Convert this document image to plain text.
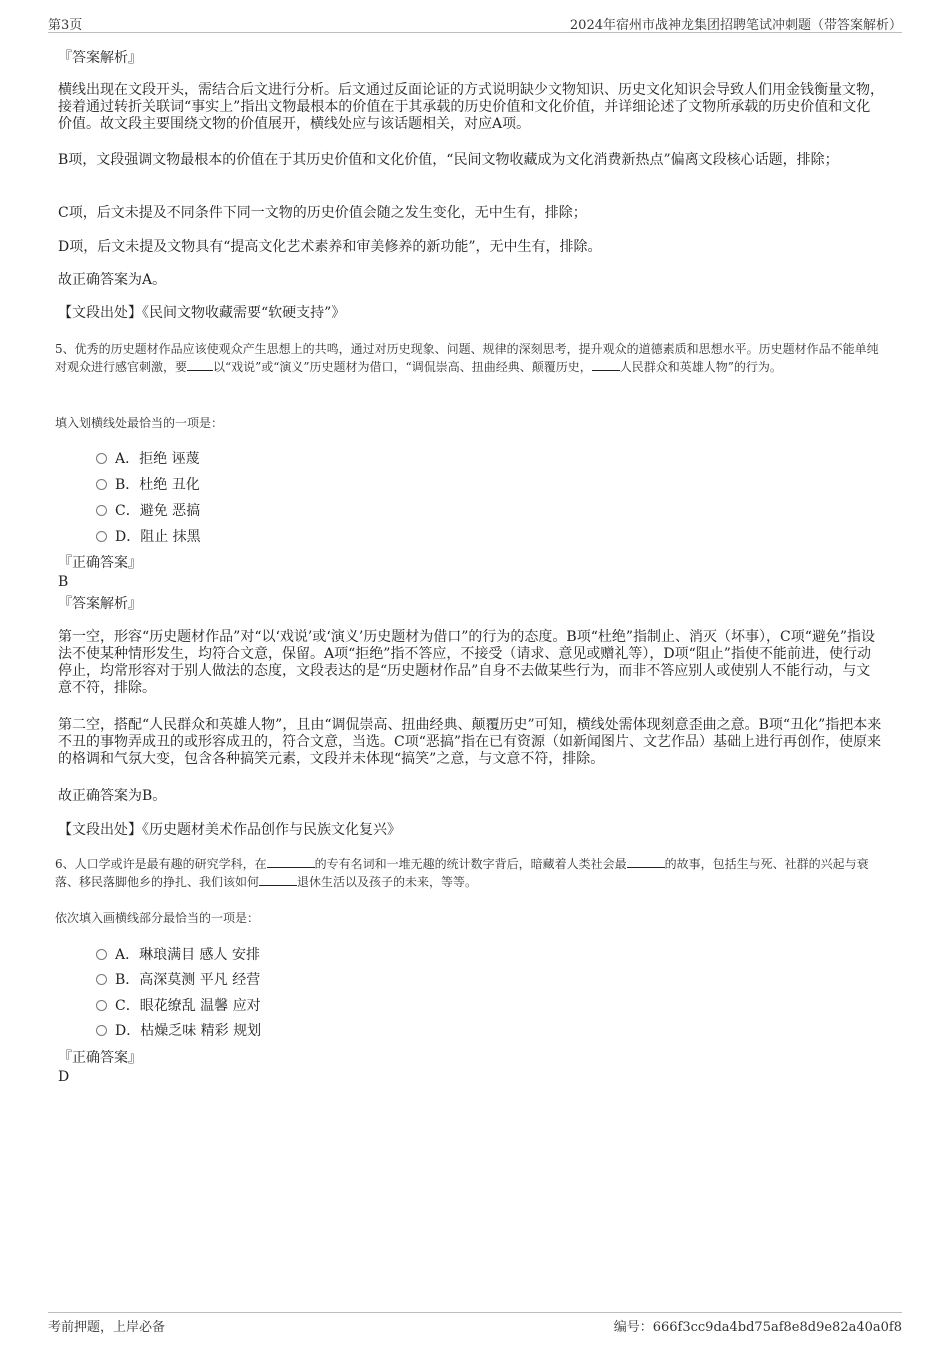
第3页	2024年宿州市战神龙集团招聘笔试冲刺题（带答案解析）
『答案解析』
横线出现在文段开头，需结合后文进行分析。后文通过反面论证的方式说明缺少文物知识、历史文化知识会导致人们用金钱衡量文物，接着通过转折关联词“事实上”指出文物最根本的价值在于其承载的历史价值和文化价值，并详细论述了文物所承载的历史价值和文化价值。故文段主要围绕文物的价值展开，横线处应与该话题相关，对应A项。
B项，文段强调文物最根本的价值在于其历史价值和文化价值，“民间文物收藏成为文化消费新热点”偏离文段核心话题，排除；
C项，后文未提及不同条件下同一文物的历史价值会随之发生变化，无中生有，排除；
D项，后文未提及文物具有“提高文化艺术素养和审美修养的新功能”，无中生有，排除。
故正确答案为A。
【文段出处】《民间文物收藏需要“软硬支持”》
5、优秀的历史题材作品应该使观众产生思想上的共鸣，通过对历史现象、问题、规律的深刻思考，提升观众的道德素质和思想水平。历史题材作品不能单纯对观众进行感官刺激，要 以“戏说”或“演义”历史题材为借口，“调侃崇高、扭曲经典、颠覆历史， 人民群众和英雄人物”的行为。
填入划横线处最恰当的一项是：
A．拒绝 诬蔑
B．杜绝 丑化
C．避免 恶搞
D．阻止 抹黑
『正确答案』
B
『答案解析』
第一空，形容“历史题材作品”对“以‘戏说’或‘演义’历史题材为借口”的行为的态度。B项“杜绝”指制止、消灭（坏事），C项“避免”指设法不使某种情形发生，均符合文意，保留。A项“拒绝”指不答应，不接受（请求、意见或赠礼等），D项“阻止”指使不能前进，使行动停止，均常形容对于别人做法的态度，文段表达的是“历史题材作品”自身不去做某些行为，而非不答应别人或使别人不能行动，与文意不符，排除。
第二空，搭配“人民群众和英雄人物”，且由“调侃崇高、扭曲经典、颠覆历史”可知，横线处需体现刻意歪曲之意。B项“丑化”指把本来不丑的事物弄成丑的或形容成丑的，符合文意，当选。C项“恶搞”指在已有资源（如新闻图片、文艺作品）基础上进行再创作，使原来的格调和气氛大变，包含各种搞笑元素，文段并未体现“搞笑”之意，与文意不符，排除。
故正确答案为B。
【文段出处】《历史题材美术作品创作与民族文化复兴》
6、人口学或许是最有趣的研究学科，在	的专有名词和一堆无趣的统计数字背后，暗藏着人类社会最	的故事，包括生与死、社群的兴起与衰落、移民落脚他乡的挣扎、我们该如何	退休生活以及孩子的未来，等等。
依次填入画横线部分最恰当的一项是：
A．琳琅满目 感人 安排
B．高深莫测 平凡 经营
C．眼花缭乱 温馨 应对
D．枯燥乏味 精彩 规划
『正确答案』
D
考前押题，上岸必备	编号：666f3cc9da4bd75af8e8d9e82a40a0f8
